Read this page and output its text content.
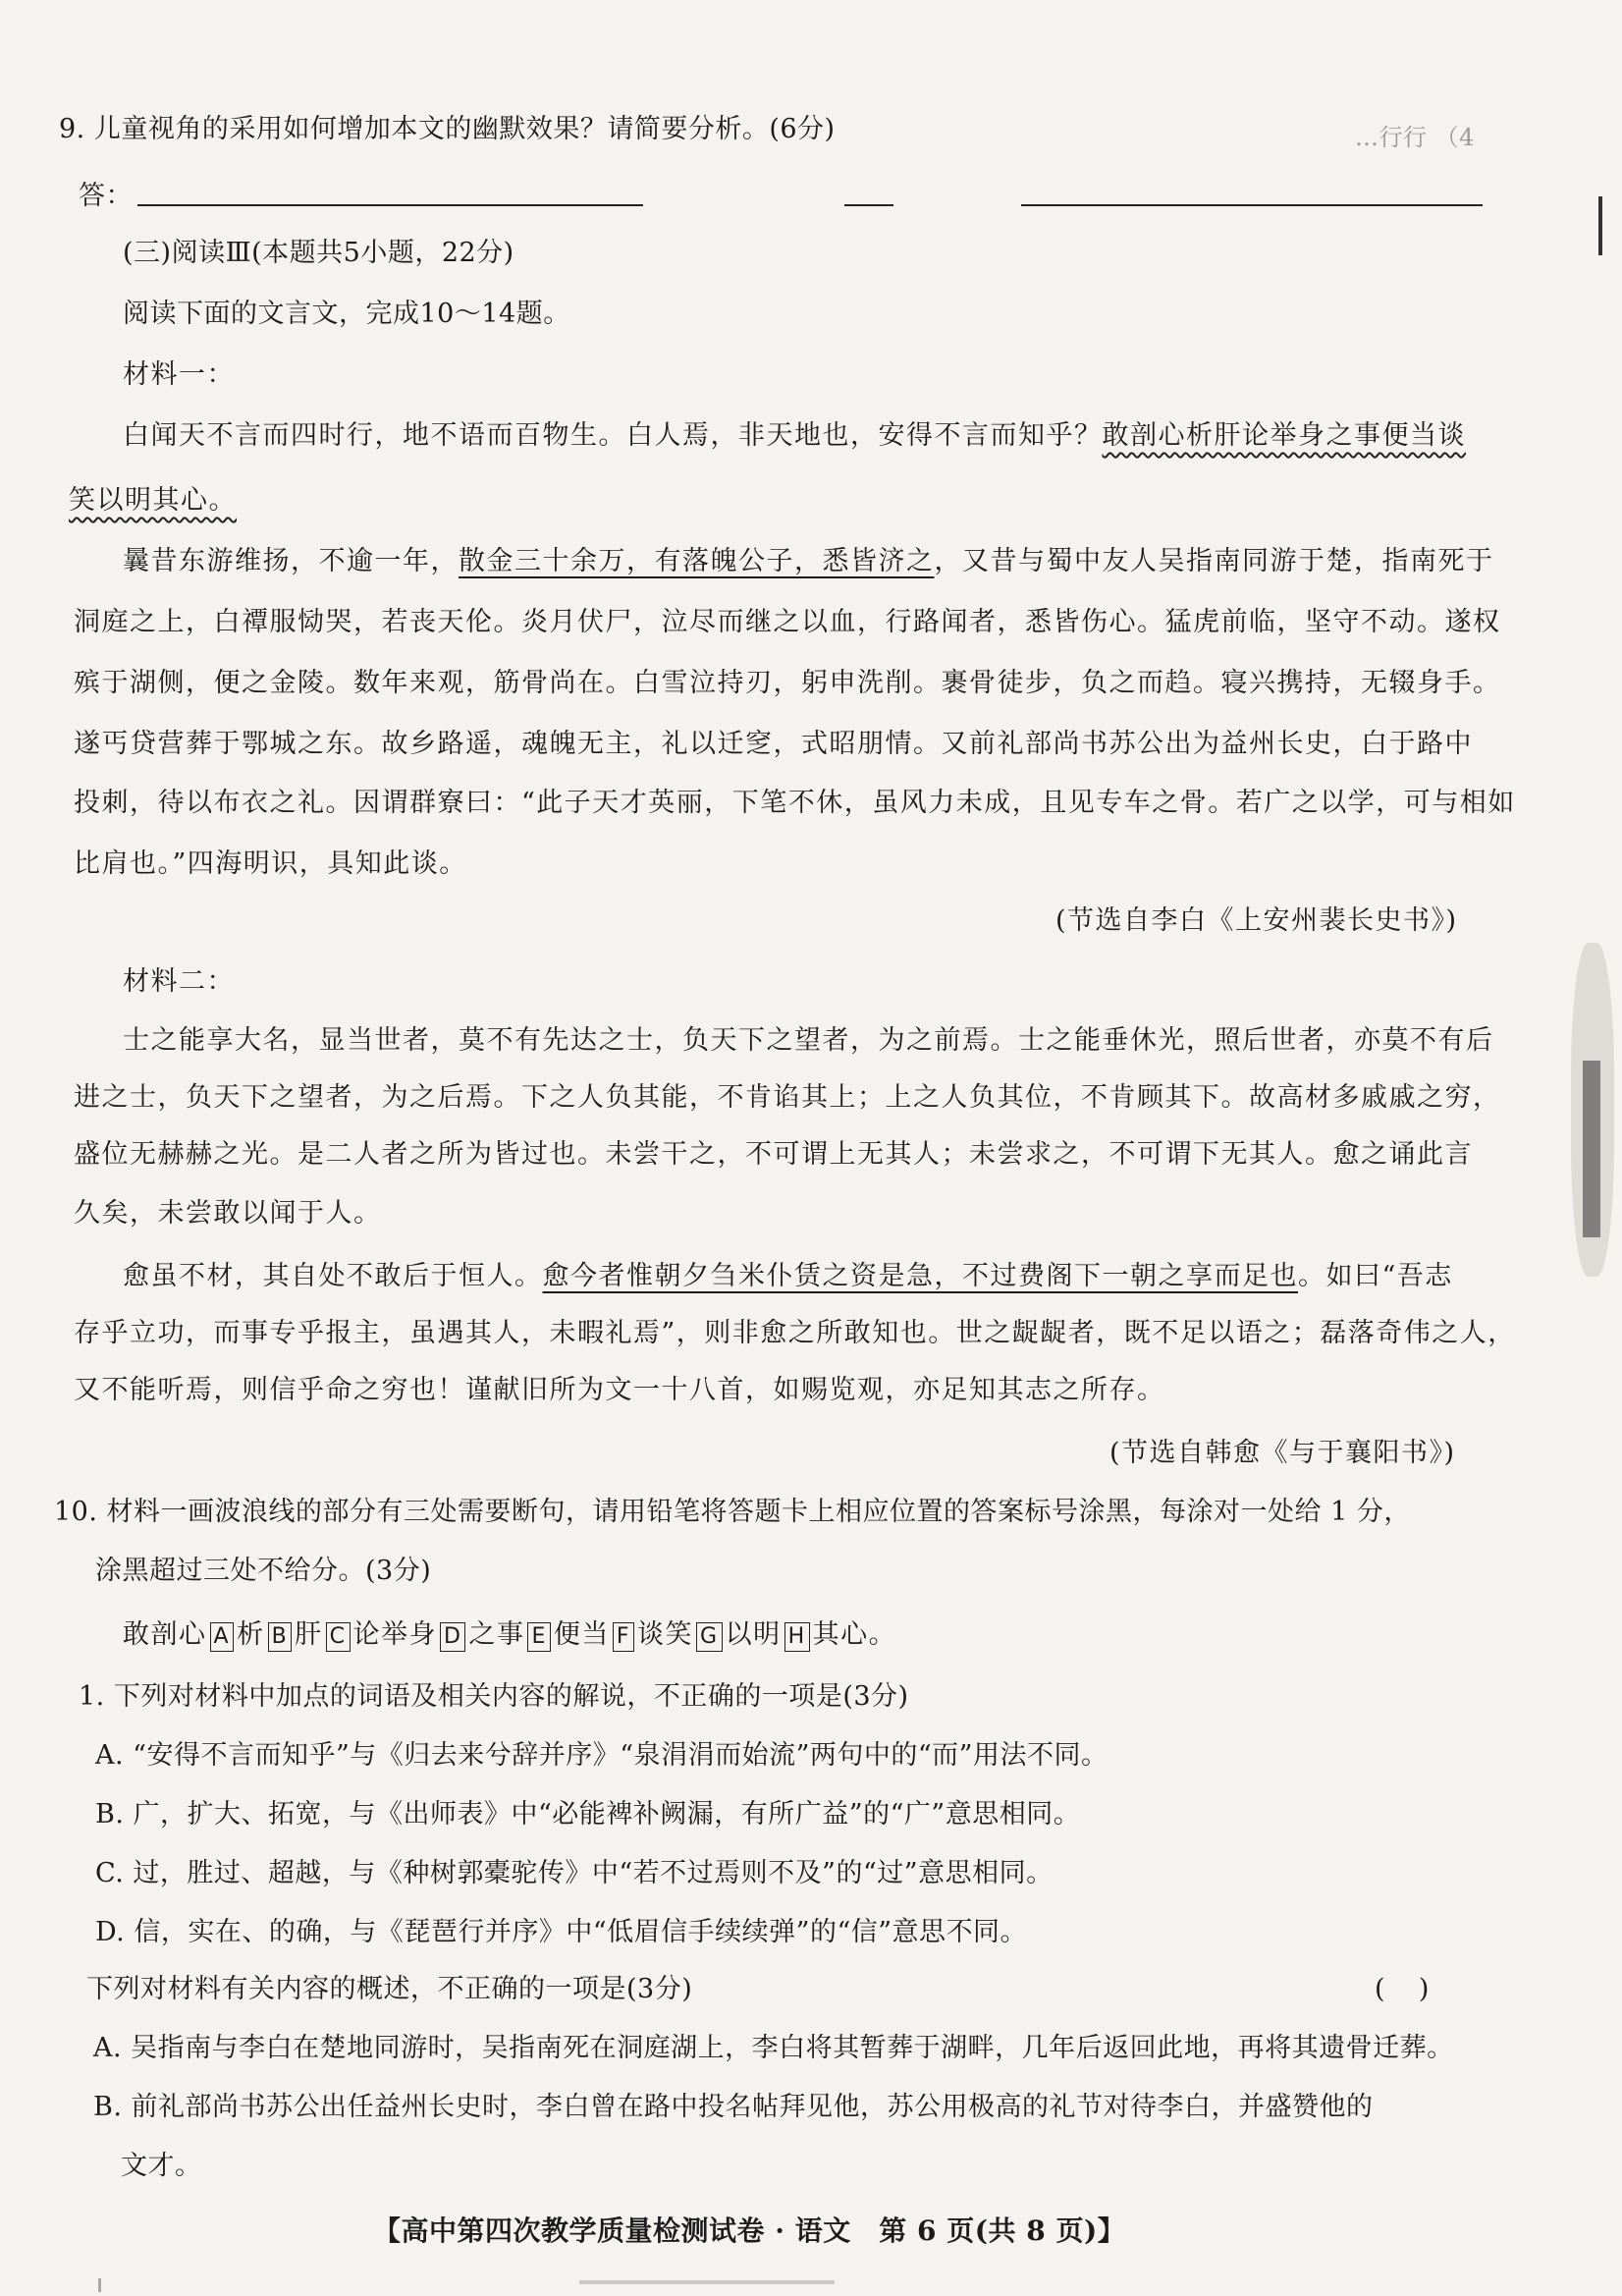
…行行 （4
9. 儿童视角的采用如何增加本文的幽默效果？请简要分析。(6分)
答：
(三)阅读Ⅲ(本题共5小题，22分)
阅读下面的文言文，完成10～14题。
材料一：
白闻天不言而四时行，地不语而百物生。白人焉，非天地也，安得不言而知乎？敢剖心析肝论举身之事便当谈
笑以明其心。
曩昔东游维扬，不逾一年，散金三十余万，有落魄公子，悉皆济之，又昔与蜀中友人吴指南同游于楚，指南死于
洞庭之上，白禫服恸哭，若丧天伦。炎月伏尸，泣尽而继之以血，行路闻者，悉皆伤心。猛虎前临，坚守不动。遂权
殡于湖侧，便之金陵。数年来观，筋骨尚在。白雪泣持刃，躬申洗削。裹骨徒步，负之而趋。寝兴携持，无辍身手。
遂丐贷营葬于鄂城之东。故乡路遥，魂魄无主，礼以迁窆，式昭朋情。又前礼部尚书苏公出为益州长史，白于路中
投刺，待以布衣之礼。因谓群寮曰：“此子天才英丽，下笔不休，虽风力未成，且见专车之骨。若广之以学，可与相如
比肩也。”四海明识，具知此谈。
(节选自李白《上安州裴长史书》)
材料二：
士之能享大名，显当世者，莫不有先达之士，负天下之望者，为之前焉。士之能垂休光，照后世者，亦莫不有后
进之士，负天下之望者，为之后焉。下之人负其能，不肯谄其上；上之人负其位，不肯顾其下。故高材多戚戚之穷，
盛位无赫赫之光。是二人者之所为皆过也。未尝干之，不可谓上无其人；未尝求之，不可谓下无其人。愈之诵此言
久矣，未尝敢以闻于人。
愈虽不材，其自处不敢后于恒人。愈今者惟朝夕刍米仆赁之资是急，不过费阁下一朝之享而足也。如曰“吾志
存乎立功，而事专乎报主，虽遇其人，未暇礼焉”，则非愈之所敢知也。世之龊龊者，既不足以语之；磊落奇伟之人，
又不能听焉，则信乎命之穷也！谨献旧所为文一十八首，如赐览观，亦足知其志之所存。
(节选自韩愈《与于襄阳书》)
10. 材料一画波浪线的部分有三处需要断句，请用铅笔将答题卡上相应位置的答案标号涂黑，每涂对一处给 1 分，
涂黑超过三处不给分。(3分)
敢剖心 A 析 B 肝 C 论举身 D 之事 E 便当 F 谈笑 G 以明 H 其心。
1. 下列对材料中加点的词语及相关内容的解说，不正确的一项是(3分)
A. “安得不言而知乎”与《归去来兮辞并序》“泉涓涓而始流”两句中的“而”用法不同。
B. 广，扩大、拓宽，与《出师表》中“必能裨补阙漏，有所广益”的“广”意思相同。
C. 过，胜过、超越，与《种树郭橐驼传》中“若不过焉则不及”的“过”意思相同。
D. 信，实在、的确，与《琵琶行并序》中“低眉信手续续弹”的“信”意思不同。
下列对材料有关内容的概述，不正确的一项是(3分)	(    )
A. 吴指南与李白在楚地同游时，吴指南死在洞庭湖上，李白将其暂葬于湖畔，几年后返回此地，再将其遗骨迁葬。
B. 前礼部尚书苏公出任益州长史时，李白曾在路中投名帖拜见他，苏公用极高的礼节对待李白，并盛赞他的
文才。
【高中第四次教学质量检测试卷 · 语文　第 6 页(共 8 页)】
